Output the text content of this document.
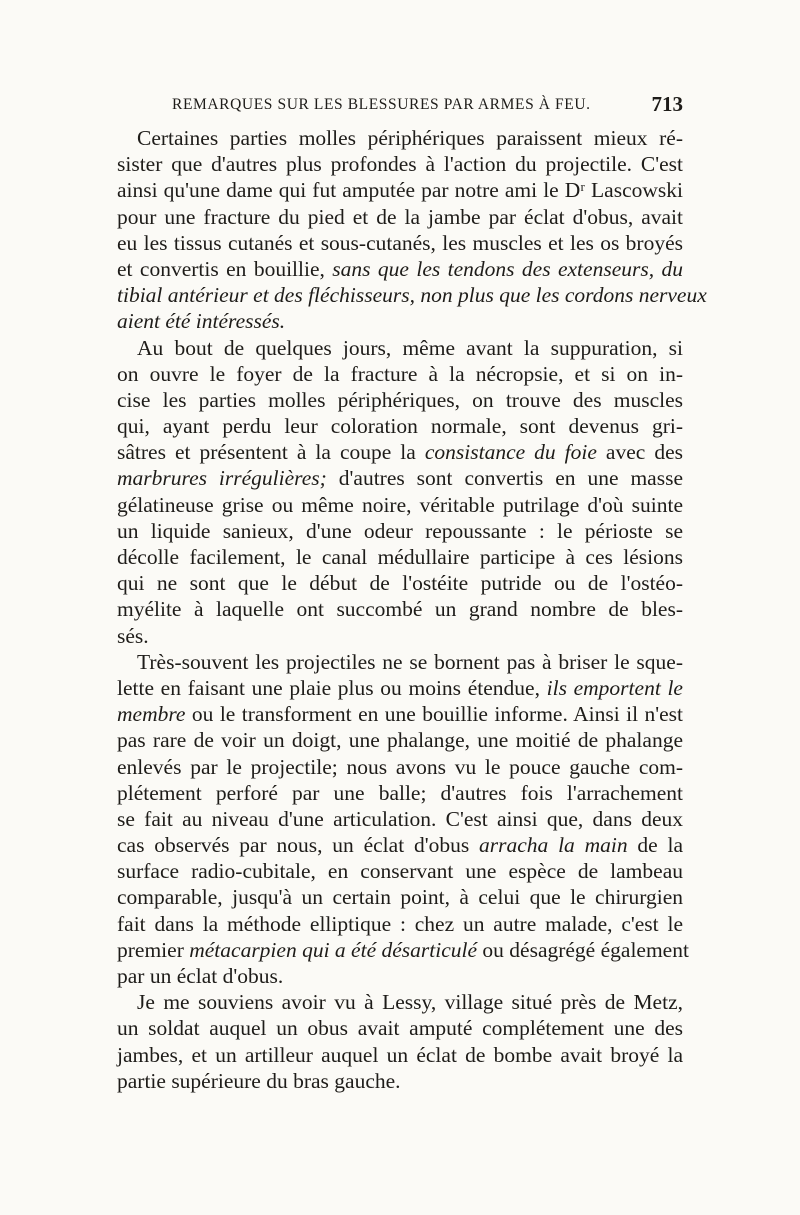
REMARQUES SUR LES BLESSURES PAR ARMES À FEU.	713
Certaines parties molles périphériques paraissent mieux ré-
sister que d'autres plus profondes à l'action du projectile. C'est
ainsi qu'une dame qui fut amputée par notre ami le Dʳ Lascowski
pour une fracture du pied et de la jambe par éclat d'obus, avait
eu les tissus cutanés et sous-cutanés, les muscles et les os broyés
et convertis en bouillie, sans que les tendons des extenseurs, du
tibial antérieur et des fléchisseurs, non plus que les cordons nerveux
aient été intéressés.
Au bout de quelques jours, même avant la suppuration, si
on ouvre le foyer de la fracture à la nécropsie, et si on in-
cise les parties molles périphériques, on trouve des muscles
qui, ayant perdu leur coloration normale, sont devenus gri-
sâtres et présentent à la coupe la consistance du foie avec des
marbrures irrégulières; d'autres sont convertis en une masse
gélatineuse grise ou même noire, véritable putrilage d'où suinte
un liquide sanieux, d'une odeur repoussante : le périoste se
décolle facilement, le canal médullaire participe à ces lésions
qui ne sont que le début de l'ostéite putride ou de l'ostéo-
myélite à laquelle ont succombé un grand nombre de bles-
sés.
Très-souvent les projectiles ne se bornent pas à briser le sque-
lette en faisant une plaie plus ou moins étendue, ils emportent le
membre ou le transforment en une bouillie informe. Ainsi il n'est
pas rare de voir un doigt, une phalange, une moitié de phalange
enlevés par le projectile; nous avons vu le pouce gauche com-
plétement perforé par une balle; d'autres fois l'arrachement
se fait au niveau d'une articulation. C'est ainsi que, dans deux
cas observés par nous, un éclat d'obus arracha la main de la
surface radio-cubitale, en conservant une espèce de lambeau
comparable, jusqu'à un certain point, à celui que le chirurgien
fait dans la méthode elliptique : chez un autre malade, c'est le
premier métacarpien qui a été désarticulé ou désagrégé également
par un éclat d'obus.
Je me souviens avoir vu à Lessy, village situé près de Metz,
un soldat auquel un obus avait amputé complétement une des
jambes, et un artilleur auquel un éclat de bombe avait broyé la
partie supérieure du bras gauche.
